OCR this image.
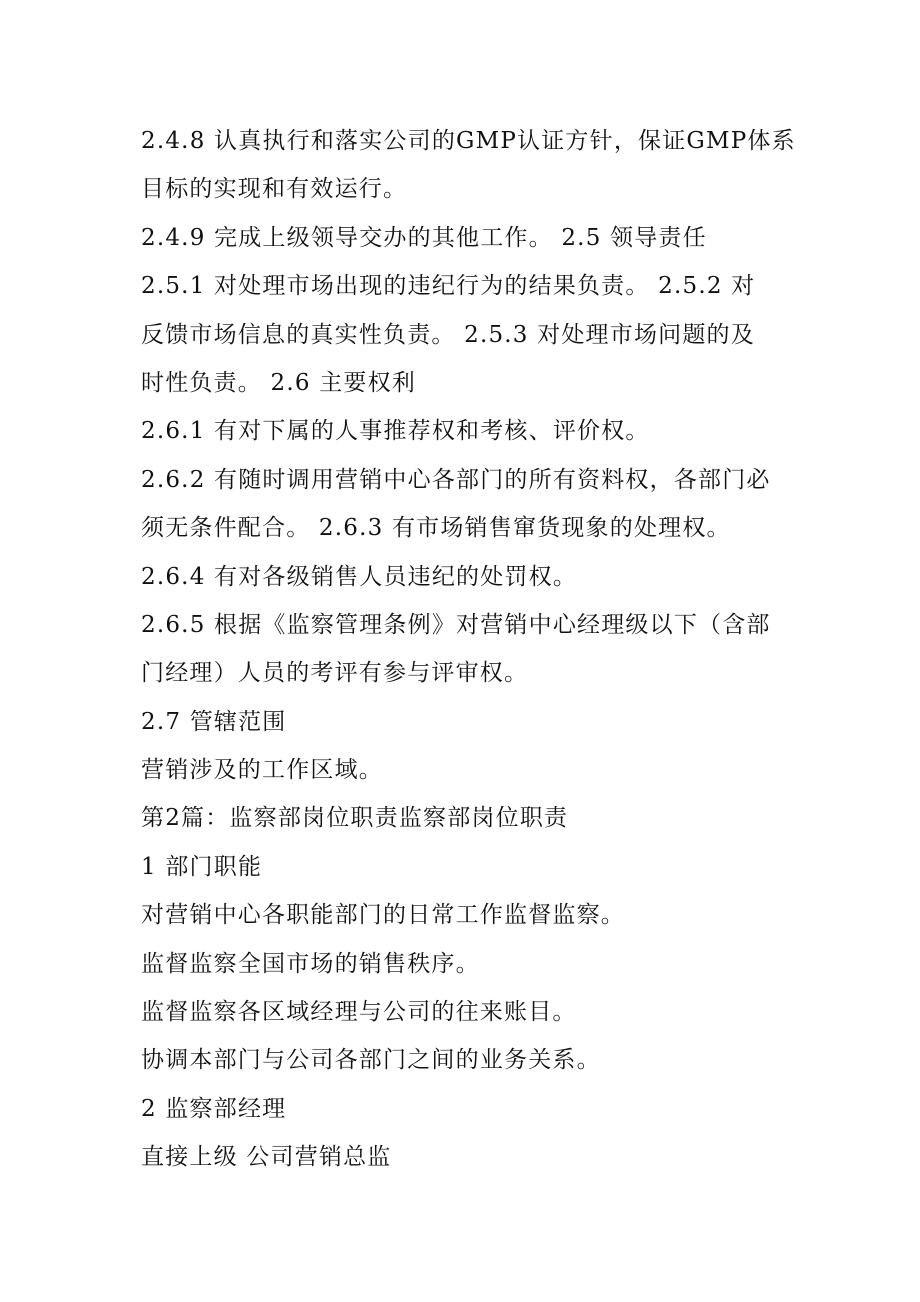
2.4.8 认真执行和落实公司的GMP认证方针，保证GMP体系
目标的实现和有效运行。
2.4.9 完成上级领导交办的其他工作。 2.5 领导责任
2.5.1 对处理市场出现的违纪行为的结果负责。 2.5.2 对
反馈市场信息的真实性负责。 2.5.3 对处理市场问题的及
时性负责。 2.6 主要权利
2.6.1 有对下属的人事推荐权和考核、评价权。
2.6.2 有随时调用营销中心各部门的所有资料权，各部门必
须无条件配合。 2.6.3 有市场销售窜货现象的处理权。
2.6.4 有对各级销售人员违纪的处罚权。
2.6.5 根据《监察管理条例》对营销中心经理级以下（含部
门经理）人员的考评有参与评审权。
2.7 管辖范围
营销涉及的工作区域。
第2篇：监察部岗位职责监察部岗位职责
1 部门职能
对营销中心各职能部门的日常工作监督监察。
监督监察全国市场的销售秩序。
监督监察各区域经理与公司的往来账目。
协调本部门与公司各部门之间的业务关系。
2 监察部经理
直接上级 公司营销总监
